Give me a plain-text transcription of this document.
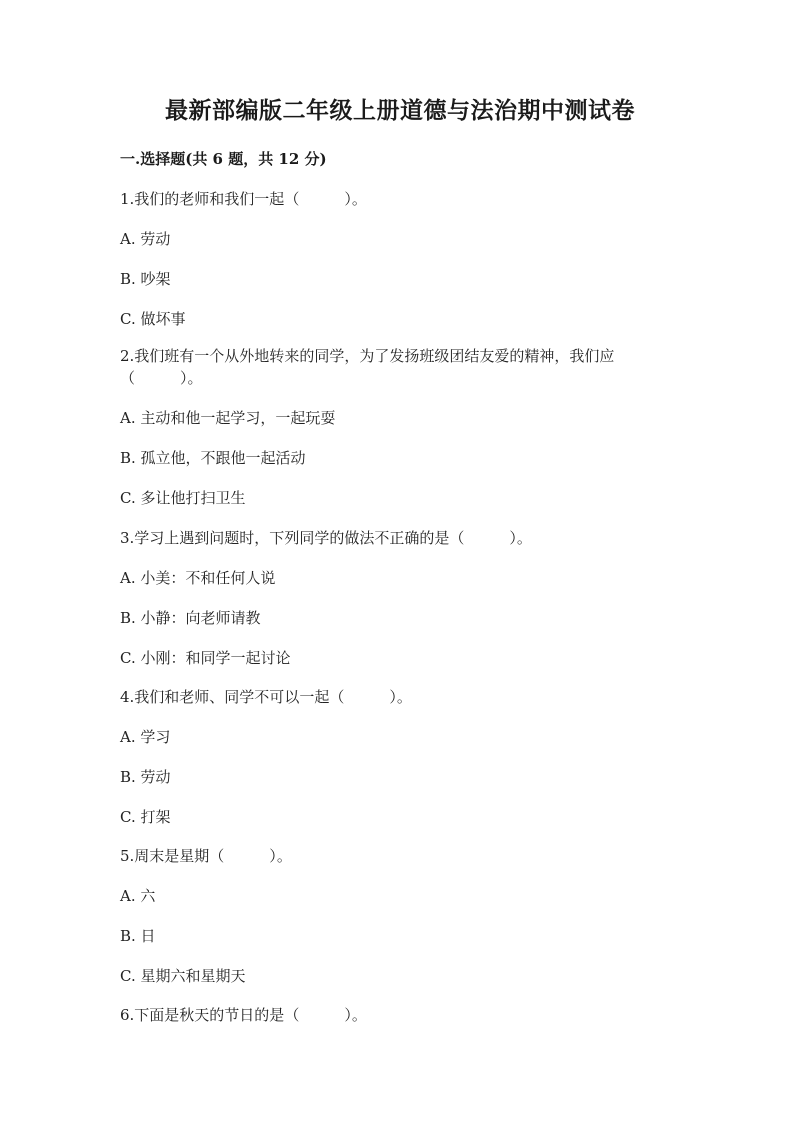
最新部编版二年级上册道德与法治期中测试卷
一.选择题(共 6 题，共 12 分)
1.我们的老师和我们一起（　　　）。
A. 劳动
B. 吵架
C. 做坏事
2.我们班有一个从外地转来的同学，为了发扬班级团结友爱的精神，我们应
（　　　）。
A. 主动和他一起学习，一起玩耍
B. 孤立他，不跟他一起活动
C. 多让他打扫卫生
3.学习上遇到问题时，下列同学的做法不正确的是（　　　）。
A. 小美：不和任何人说
B. 小静：向老师请教
C. 小刚：和同学一起讨论
4.我们和老师、同学不可以一起（　　　）。
A. 学习
B. 劳动
C. 打架
5.周末是星期（　　　）。
A. 六
B. 日
C. 星期六和星期天
6.下面是秋天的节日的是（　　　）。
